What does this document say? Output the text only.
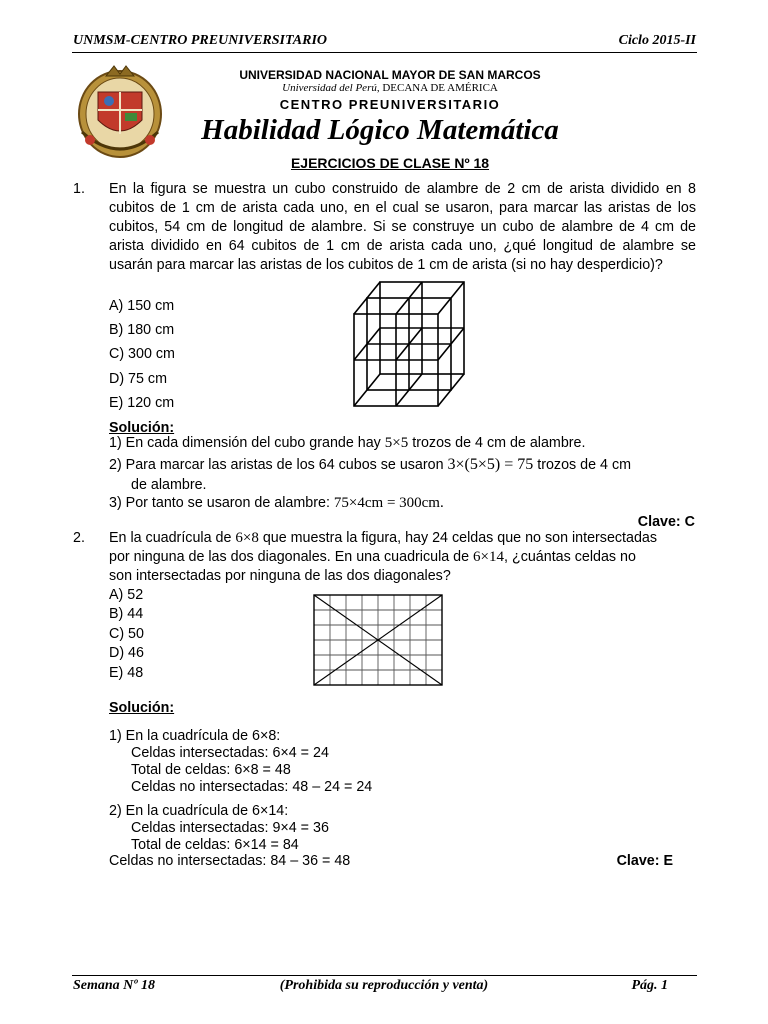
UNMSM-CENTRO PREUNIVERSITARIO	Ciclo 2015-II
UNIVERSIDAD NACIONAL MAYOR DE SAN MARCOS
Universidad del Perú, DECANA DE AMÉRICA
CENTRO PREUNIVERSITARIO
Habilidad Lógico Matemática
EJERCICIOS DE CLASE Nº 18
1. En la figura se muestra un cubo construido de alambre de 2 cm de arista dividido en 8 cubitos de 1 cm de arista cada uno, en el cual se usaron, para marcar las aristas de los cubitos, 54 cm de longitud de alambre. Si se construye un cubo de alambre de 4 cm de arista dividido en 64 cubitos de 1 cm de arista cada uno, ¿qué longitud de alambre se usarán para marcar las aristas de los cubitos de 1 cm de arista (si no hay desperdicio)?
A) 150 cm
B) 180 cm
C) 300 cm
D) 75 cm
E) 120 cm
Solución:
1) En cada dimensión del cubo grande hay 5×5 trozos de 4 cm de alambre.
2) Para marcar las aristas de los 64 cubos se usaron 3×(5×5) = 75 trozos de 4 cm
de alambre.
3) Por tanto se usaron de alambre: 75×4cm = 300cm.
Clave: C
2. En la cuadrícula de 6×8 que muestra la figura, hay 24 celdas que no son intersectadas
por ninguna de las dos diagonales. En una cuadricula de 6×14, ¿cuántas celdas no
son intersectadas por ninguna de las dos diagonales?
A) 52
B) 44
C) 50
D) 46
E) 48
Solución:
1) En la cuadrícula de 6×8:
Celdas intersectadas: 6×4 = 24
Total de celdas: 6×8 = 48
Celdas no intersectadas: 48 – 24 = 24
2) En la cuadrícula de 6×14:
Celdas intersectadas: 9×4 = 36
Total de celdas: 6×14 = 84
Celdas no intersectadas: 84 – 36 = 48	Clave: E
Semana Nº 18	(Prohibida su reproducción y venta)	Pág. 1
